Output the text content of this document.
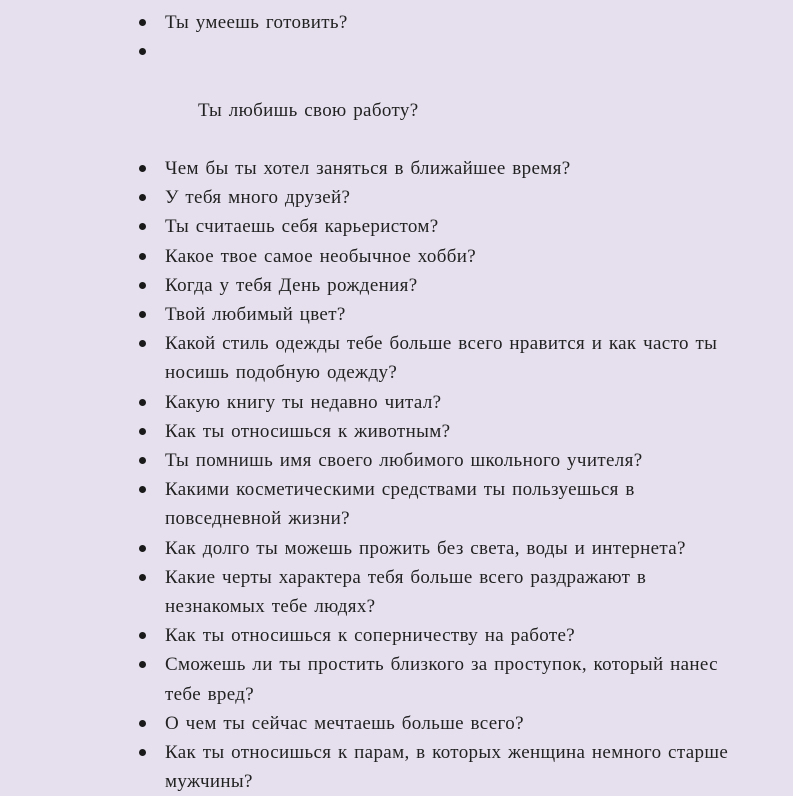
Ты умеешь готовить?

Ты любишь свою работу?

Чем бы ты хотел заняться в ближайшее время?
У тебя много друзей?
Ты считаешь себя карьеристом?
Какое твое самое необычное хобби?
Когда у тебя День рождения?
Твой любимый цвет?
Какой стиль одежды тебе больше всего нравится и как часто ты носишь подобную одежду?
Какую книгу ты недавно читал?
Как ты относишься к животным?
Ты помнишь имя своего любимого школьного учителя?
Какими косметическими средствами ты пользуешься в повседневной жизни?
Как долго ты можешь прожить без света, воды и интернета?
Какие черты характера тебя больше всего раздражают в незнакомых тебе людях?
Как ты относишься к соперничеству на работе?
Сможешь ли ты простить близкого за проступок, который нанес тебе вред?
О чем ты сейчас мечтаешь больше всего?
Как ты относишься к парам, в которых женщина немного старше мужчины?
